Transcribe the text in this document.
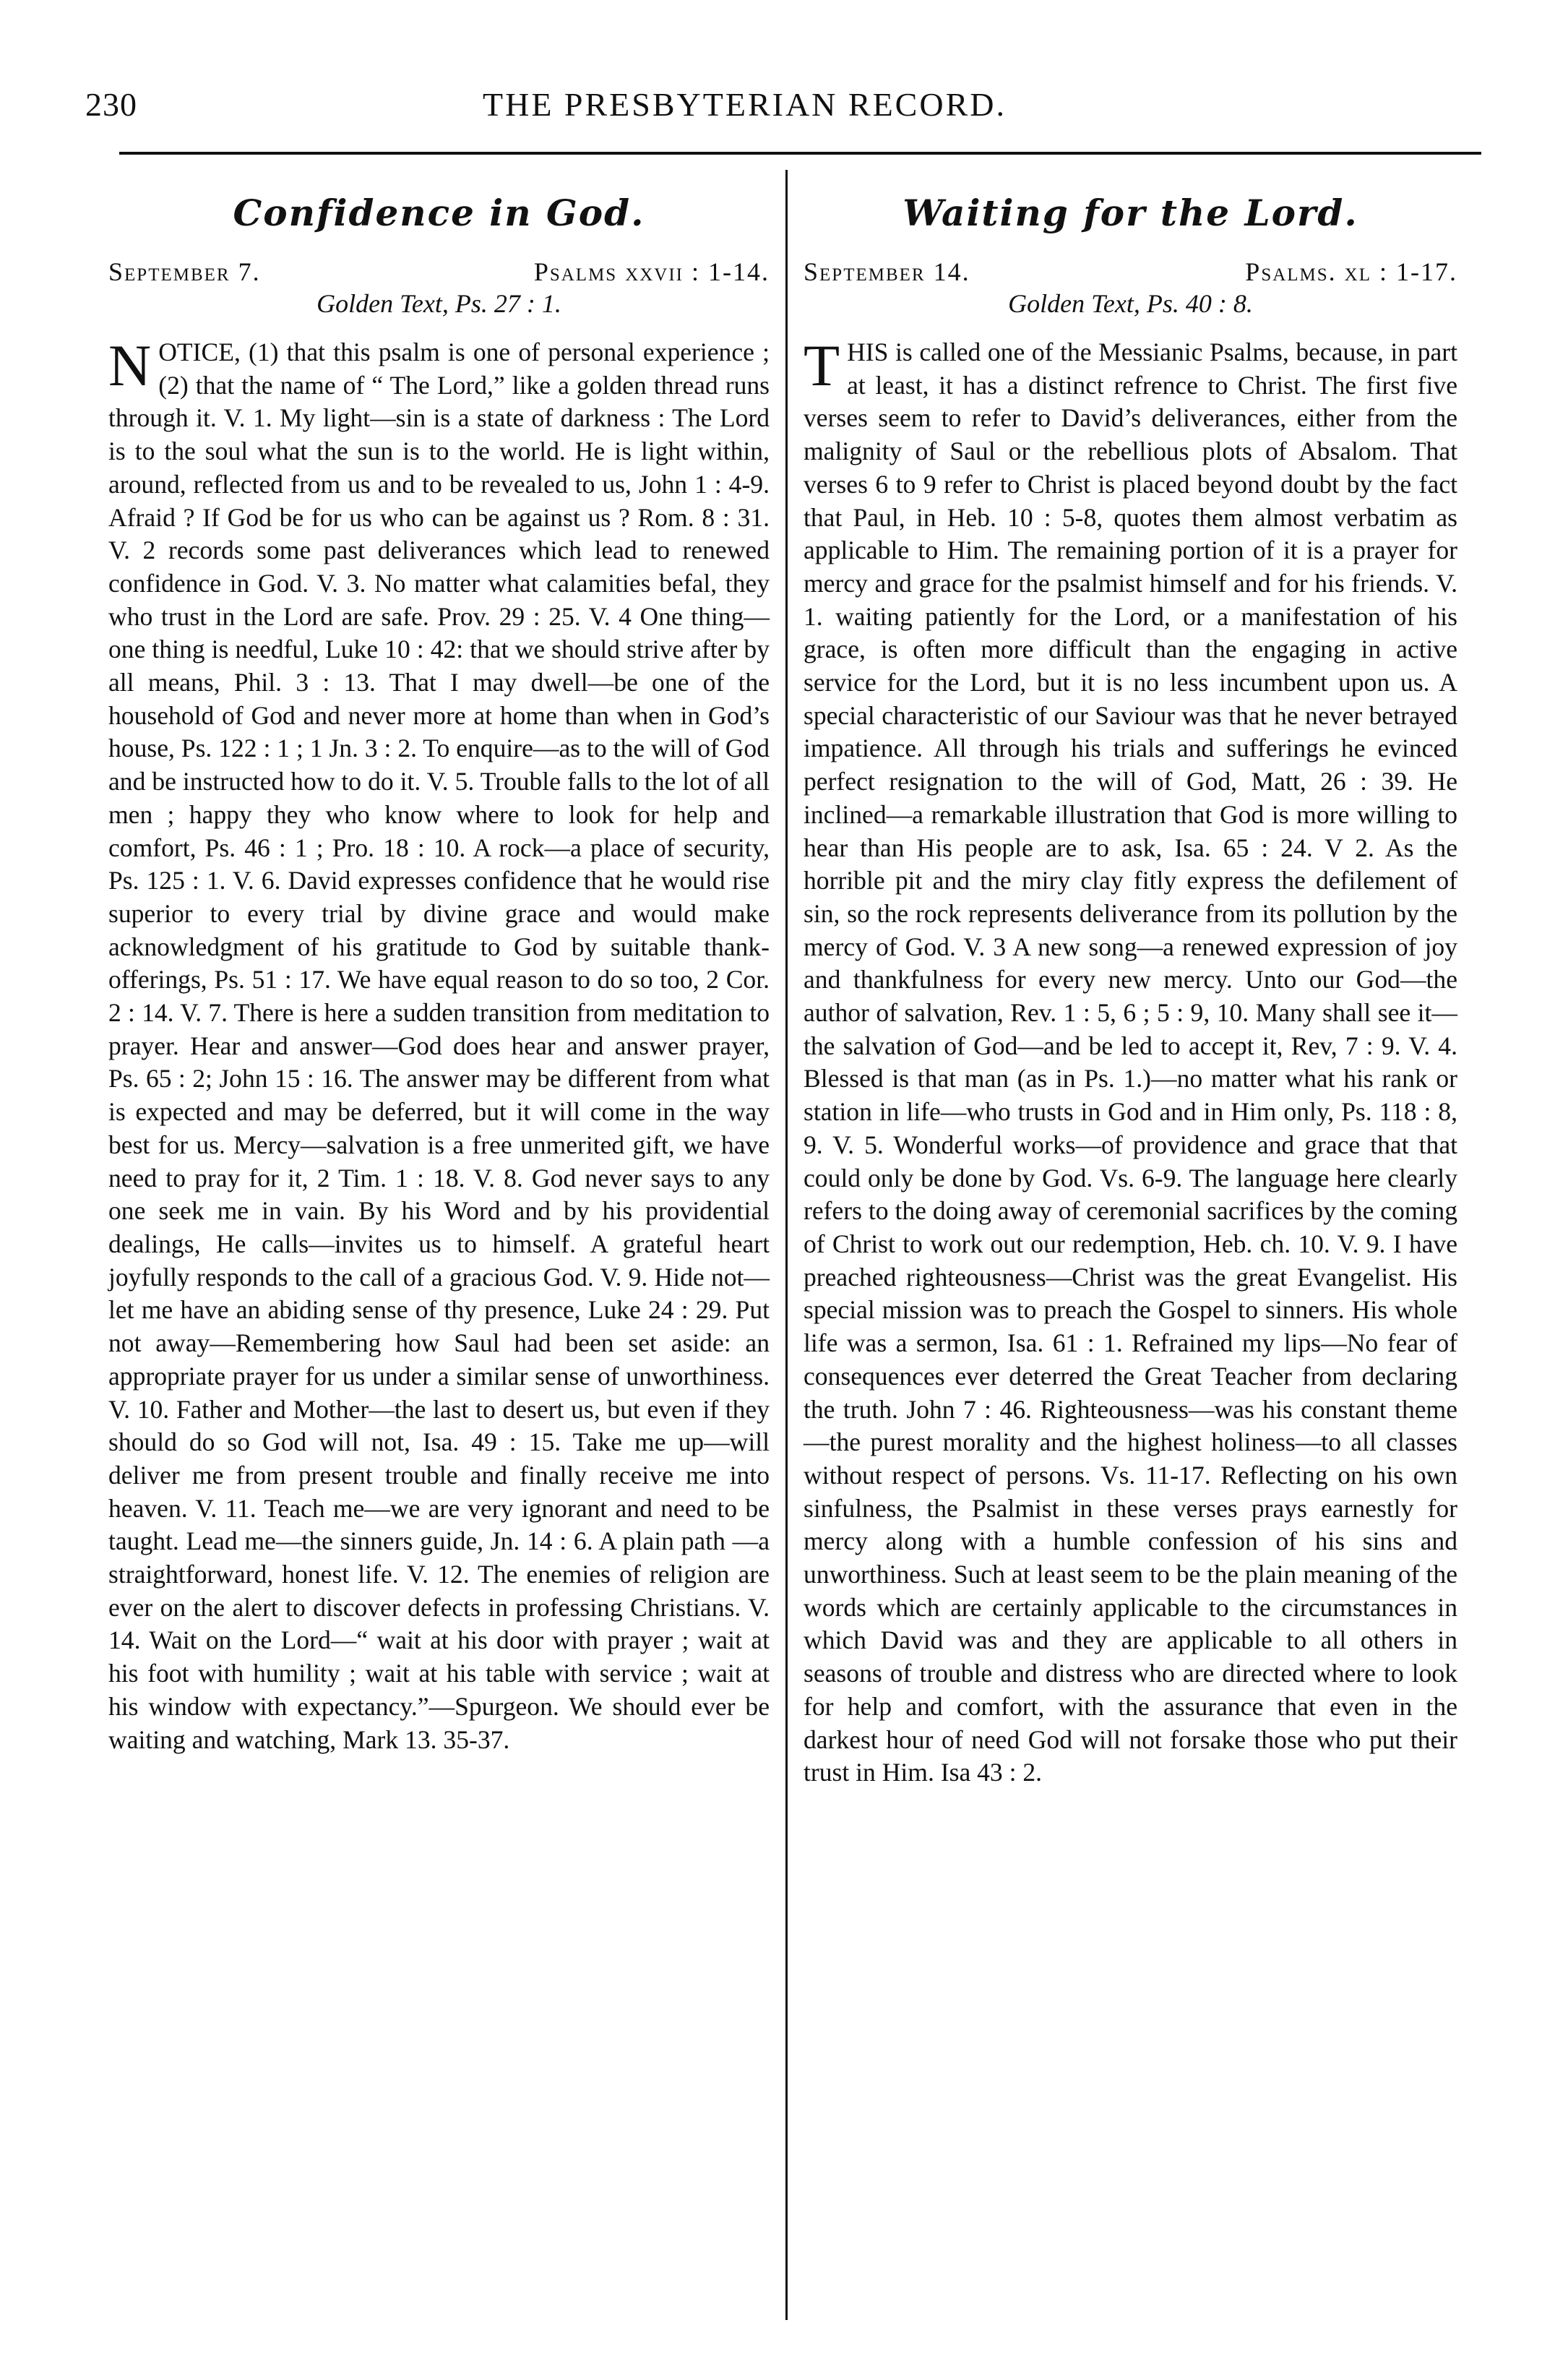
230	THE PRESBYTERIAN RECORD.
Confidence in God.
September 7.	Psalms xxvii : 1-14.
Golden Text, Ps. 27 : 1.

NOTICE, (1) that this psalm is one of personal experience ; (2) that the name of “ The Lord,” like a golden thread runs through it. V. 1. My light—sin is a state of darkness : The Lord is to the soul what the sun is to the world. He is light within, around, reflected from us and to be revealed to us, John 1 : 4-9. Afraid ? If God be for us who can be against us ? Rom. 8 : 31. V. 2 records some past deliverances which lead to renewed confidence in God. V. 3. No matter what calamities befal, they who trust in the Lord are safe. Prov. 29 : 25. V. 4 One thing—one thing is needful, Luke 10 : 42: that we should strive after by all means, Phil. 3 : 13. That I may dwell—be one of the household of God and never more at home than when in God’s house, Ps. 122 : 1 ; 1 Jn. 3 : 2. To enquire—as to the will of God and be instructed how to do it. V. 5. Trouble falls to the lot of all men ; happy they who know where to look for help and comfort, Ps. 46 : 1 ; Pro. 18 : 10. A rock—a place of security, Ps. 125 : 1. V. 6. David expresses confidence that he would rise superior to every trial by divine grace and would make acknowledgment of his gratitude to God by suitable thank-offerings, Ps. 51 : 17. We have equal reason to do so too, 2 Cor. 2 : 14. V. 7. There is here a sudden transition from meditation to prayer. Hear and answer—God does hear and answer prayer, Ps. 65 : 2; John 15 : 16. The answer may be different from what is expected and may be deferred, but it will come in the way best for us. Mercy—salvation is a free unmerited gift, we have need to pray for it, 2 Tim. 1 : 18. V. 8. God never says to any one seek me in vain. By his Word and by his providential dealings, He calls—invites us to himself. A grateful heart joyfully responds to the call of a gracious God. V. 9. Hide not—let me have an abiding sense of thy presence, Luke 24 : 29. Put not away—Remembering how Saul had been set aside: an appropriate prayer for us under a similar sense of unworthiness. V. 10. Father and Mother—the last to desert us, but even if they should do so God will not, Isa. 49 : 15. Take me up—will deliver me from present trouble and finally receive me into heaven. V. 11. Teach me—we are very ignorant and need to be taught. Lead me—the sinners guide, Jn. 14 : 6. A plain path —a straightforward, honest life. V. 12. The enemies of religion are ever on the alert to discover defects in professing Christians. V. 14. Wait on the Lord—“ wait at his door with prayer ; wait at his foot with humility ; wait at his table with service ; wait at his window with expectancy.”—Spurgeon. We should ever be waiting and watching, Mark 13. 35-37.

Waiting for the Lord.
September 14.	Psalms. xl : 1-17.
Golden Text, Ps. 40 : 8.

THIS is called one of the Messianic Psalms, because, in part at least, it has a distinct refrence to Christ. The first five verses seem to refer to David’s deliverances, either from the malignity of Saul or the rebellious plots of Absalom. That verses 6 to 9 refer to Christ is placed beyond doubt by the fact that Paul, in Heb. 10 : 5-8, quotes them almost verbatim as applicable to Him. The remaining portion of it is a prayer for mercy and grace for the psalmist himself and for his friends. V. 1. waiting patiently for the Lord, or a manifestation of his grace, is often more difficult than the engaging in active service for the Lord, but it is no less incumbent upon us. A special characteristic of our Saviour was that he never betrayed impatience. All through his trials and sufferings he evinced perfect resignation to the will of God, Matt, 26 : 39. He inclined—a remarkable illustration that God is more willing to hear than His people are to ask, Isa. 65 : 24. V 2. As the horrible pit and the miry clay fitly express the defilement of sin, so the rock represents deliverance from its pollution by the mercy of God. V. 3 A new song—a renewed expression of joy and thankfulness for every new mercy. Unto our God—the author of salvation, Rev. 1 : 5, 6 ; 5 : 9, 10. Many shall see it—the salvation of God—and be led to accept it, Rev, 7 : 9. V. 4. Blessed is that man (as in Ps. 1.)—no matter what his rank or station in life—who trusts in God and in Him only, Ps. 118 : 8, 9. V. 5. Wonderful works—of providence and grace that that could only be done by God. Vs. 6-9. The language here clearly refers to the doing away of ceremonial sacrifices by the coming of Christ to work out our redemption, Heb. ch. 10. V. 9. I have preached righteousness—Christ was the great Evangelist. His special mission was to preach the Gospel to sinners. His whole life was a sermon, Isa. 61 : 1. Refrained my lips—No fear of consequences ever deterred the Great Teacher from declaring the truth. John 7 : 46. Righteousness—was his constant theme—the purest morality and the highest holiness—to all classes without respect of persons. Vs. 11-17. Reflecting on his own sinfulness, the Psalmist in these verses prays earnestly for mercy along with a humble confession of his sins and unworthiness. Such at least seem to be the plain meaning of the words which are certainly applicable to the circumstances in which David was and they are applicable to all others in seasons of trouble and distress who are directed where to look for help and comfort, with the assurance that even in the darkest hour of need God will not forsake those who put their trust in Him. Isa 43 : 2.
